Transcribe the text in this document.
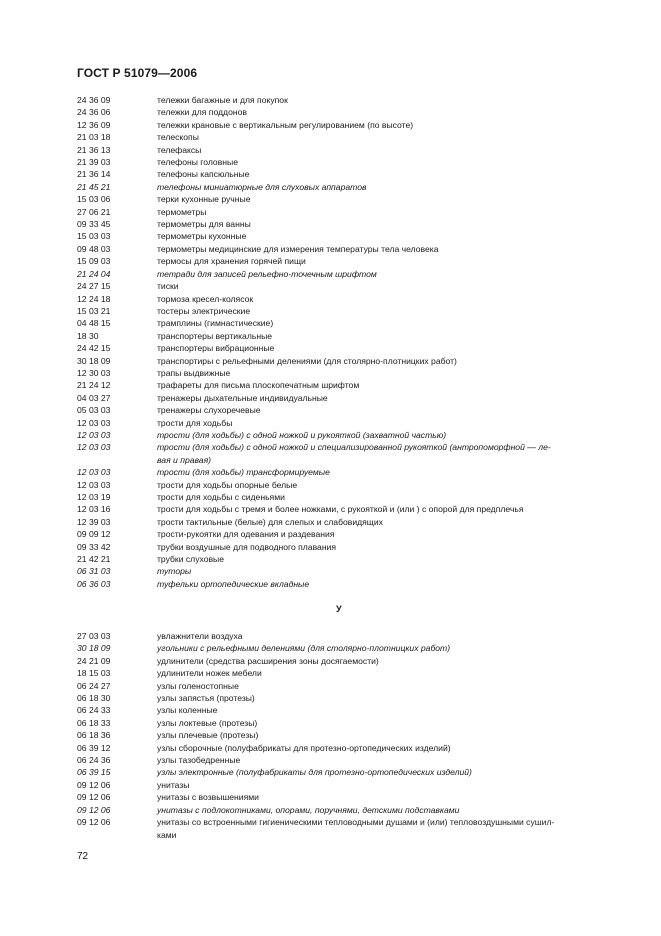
ГОСТ Р 51079—2006
24 36 09	тележки багажные и для покупок
24 36 06	тележки для поддонов
12 36 09	тележки крановые с вертикальным регулированием (по высоте)
21 03 18	телескопы
21 36 13	телефаксы
21 39 03	телефоны головные
21 36 14	телефоны капсюльные
21 45 21	телефоны миниатюрные для слуховых аппаратов
15 03 06	терки кухонные ручные
27 06 21	термометры
09 33 45	термометры для ванны
15 03 03	термометры кухонные
09 48 03	термометры медицинские для измерения температуры тела человека
15 09 03	термосы для хранения горячей пищи
21 24 04	тетради для записей рельефно-точечным шрифтом
24 27 15	тиски
12 24 18	тормоза кресел-колясок
15 03 21	тостеры электрические
04 48 15	трамплины (гимнастические)
18 30	транспортеры вертикальные
24 42 15	транспортеры вибрационные
30 18 09	транспортиры с рельефными делениями (для столярно-плотницких работ)
12 30 03	трапы выдвижные
21 24 12	трафареты для письма плоскопечатным шрифтом
04 03 27	тренажеры дыхательные индивидуальные
05 03 03	тренажеры слухоречевые
12 03 03	трости для ходьбы
12 03 03	трости (для ходьбы) с одной ножкой и рукояткой (захватной частью)
12 03 03	трости (для ходьбы) с одной ножкой и специализированной рукояткой (антропоморфной — ле-
вая и правая)
12 03 03	трости (для ходьбы) трансформируемые
12 03 03	трости для ходьбы опорные белые
12 03 19	трости для ходьбы с сиденьями
12 03 16	трости для ходьбы с тремя и более ножками, с рукояткой и (или ) с опорой для предплечья
12 39 03	трости тактильные (белые) для слепых и слабовидящих
09 09 12	трости-рукоятки для одевания и раздевания
09 33 42	трубки воздушные для подводного плавания
21 42 21	трубки слуховые
06 31 03	туторы
06 36 03	туфельки ортопедические вкладные
У
27 03 03	увлажнители воздуха
30 18 09	угольники с рельефными делениями (для столярно-плотницких работ)
24 21 09	удлинители (средства расширения зоны досягаемости)
18 15 03	удлинители ножек мебели
06 24 27	узлы голеностопные
06 18 30	узлы запястья (протезы)
06 24 33	узлы коленные
06 18 33	узлы локтевые (протезы)
06 18 36	узлы плечевые (протезы)
06 39 12	узлы сборочные (полуфабрикаты для протезно-ортопедических изделий)
06 24 36	узлы тазобедренные
06 39 15	узлы электронные (полуфабрикаты для протезно-ортопедических изделий)
09 12 06	унитазы
09 12 06	унитазы с возвышениями
09 12 06	унитазы с подлокотниками, опорами, поручнями, детскими подставками
09 12 06	унитазы со встроенными гигиеническими тепловодными душами и (или) тепловоздушными сушил-
ками
72
